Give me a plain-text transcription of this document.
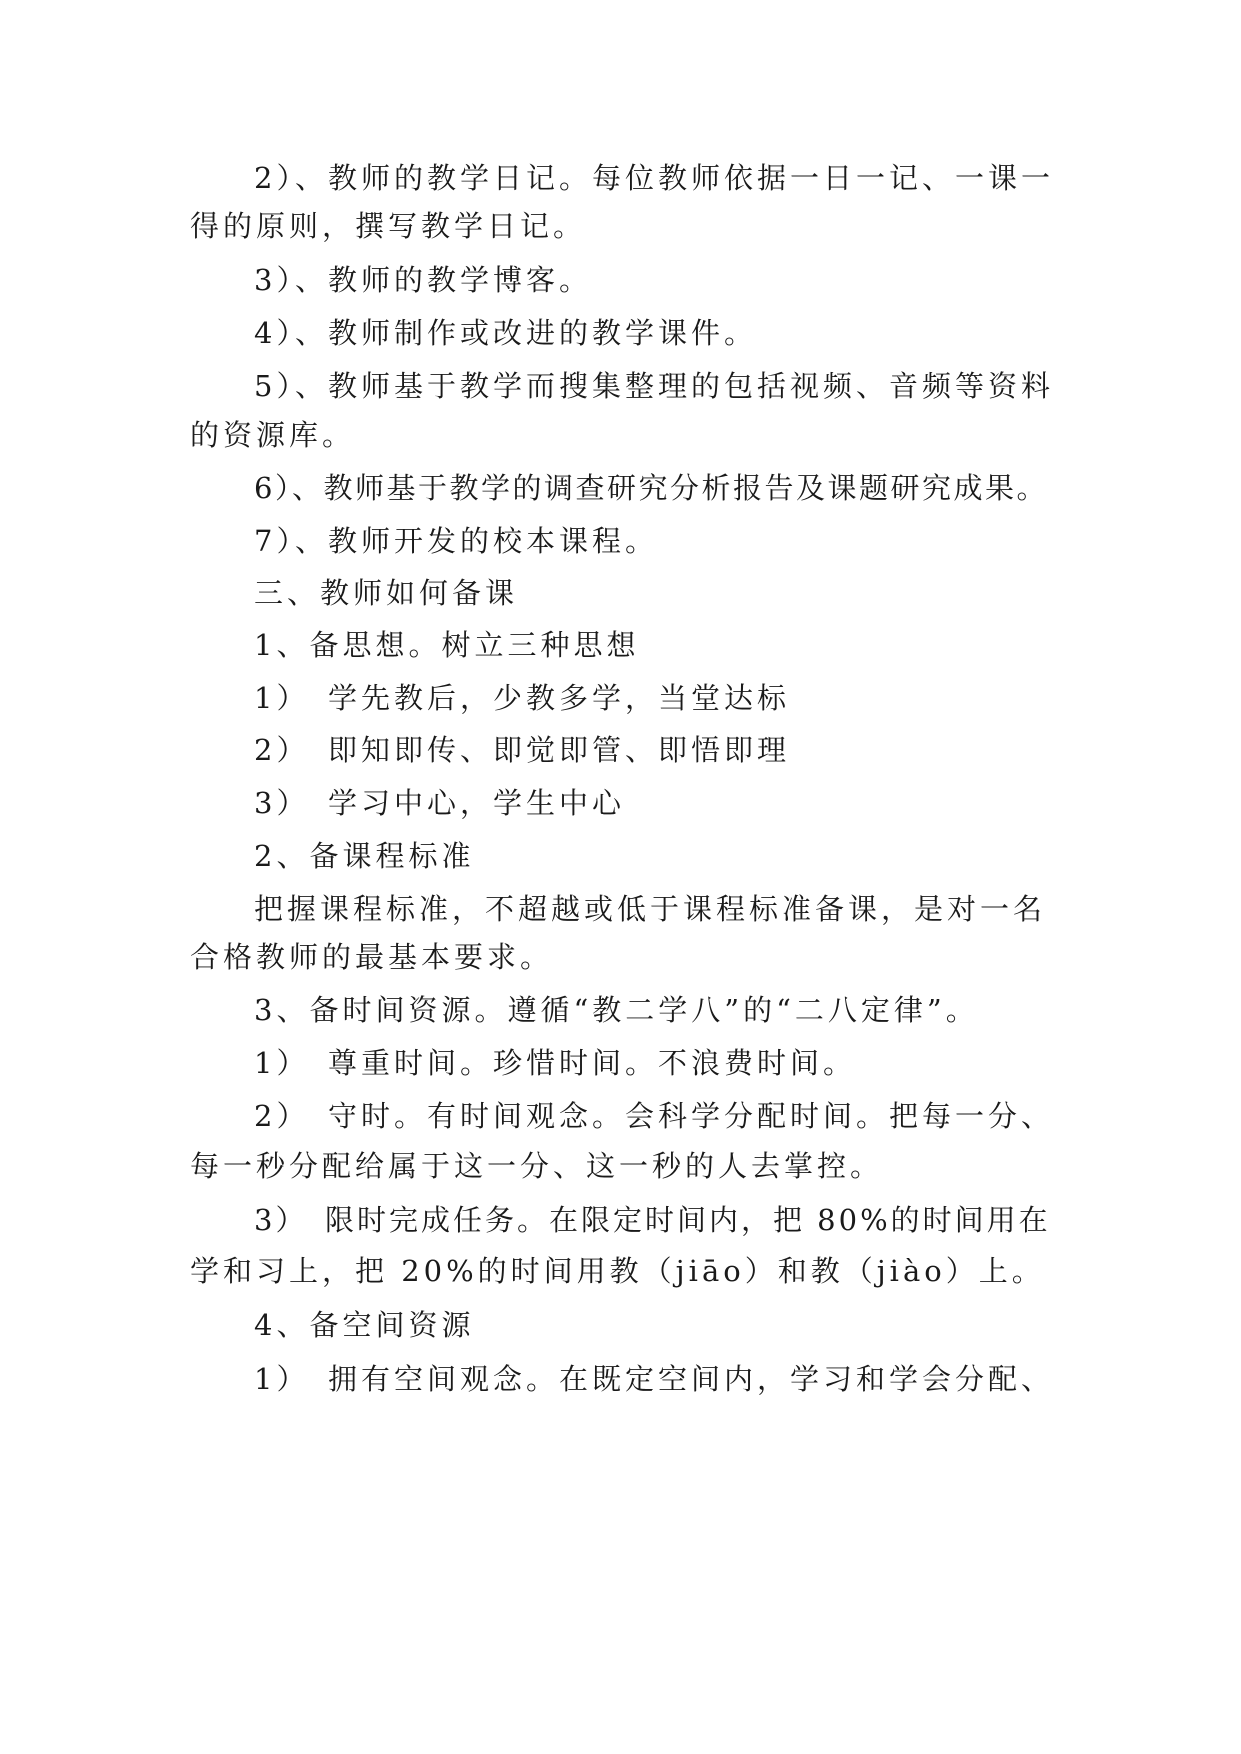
2）、教师的教学日记。每位教师依据一日一记、一课一
得的原则，撰写教学日记。
3）、教师的教学博客。
4）、教师制作或改进的教学课件。
5）、教师基于教学而搜集整理的包括视频、音频等资料
的资源库。
6）、教师基于教学的调查研究分析报告及课题研究成果。
7）、教师开发的校本课程。
三、教师如何备课
1、备思想。树立三种思想
1）　学先教后，少教多学，当堂达标
2）　即知即传、即觉即管、即悟即理
3）　学习中心，学生中心
2、备课程标准
把握课程标准，不超越或低于课程标准备课，是对一名
合格教师的最基本要求。
3、备时间资源。遵循“教二学八”的“二八定律”。
1）　尊重时间。珍惜时间。不浪费时间。
2）　守时。有时间观念。会科学分配时间。把每一分、
每一秒分配给属于这一分、这一秒的人去掌控。
3）　限时完成任务。在限定时间内，把 80%的时间用在
学和习上，把 20%的时间用教（jiāo）和教（jiào）上。
4、备空间资源
1）　拥有空间观念。在既定空间内，学习和学会分配、
